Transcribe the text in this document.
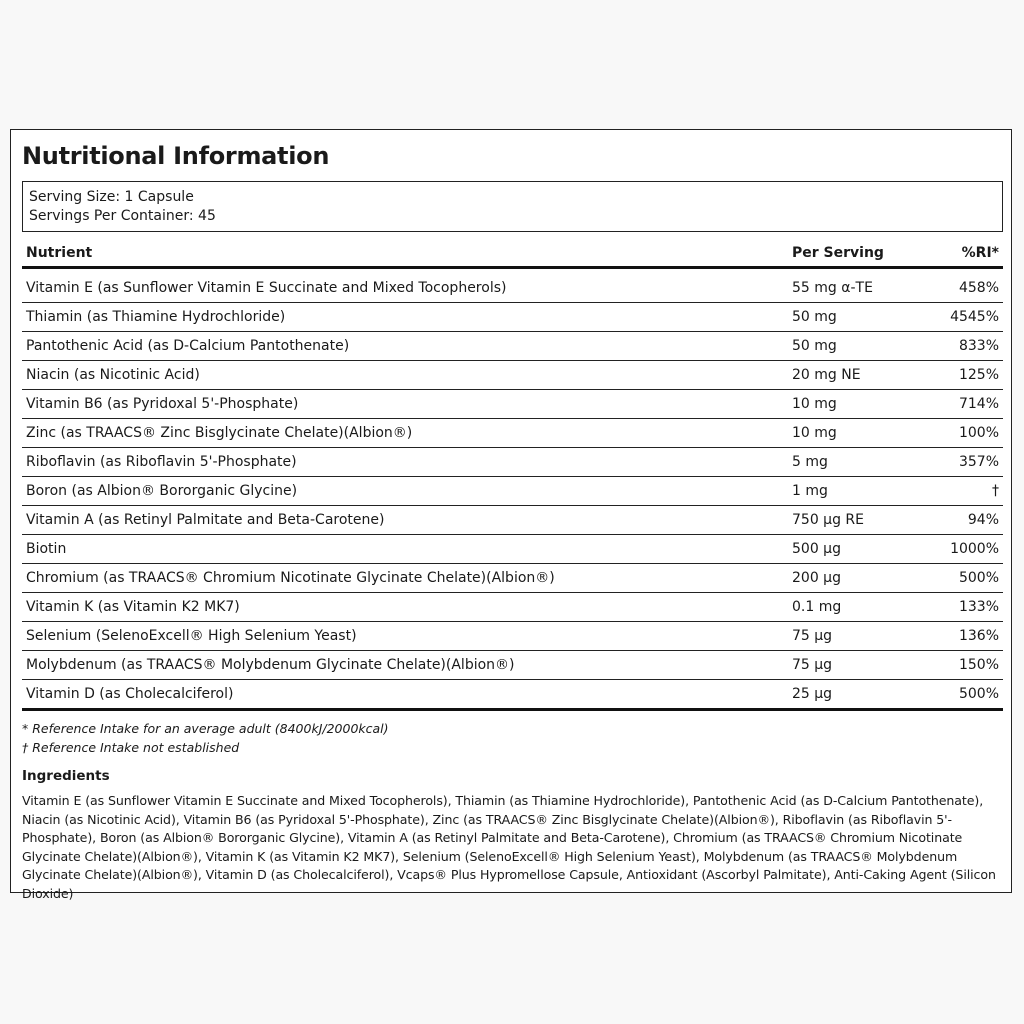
Nutritional Information
Serving Size: 1 Capsule
Servings Per Container: 45
Nutrient	Per Serving	%RI*
Vitamin E (as Sunflower Vitamin E Succinate and Mixed Tocopherols)	55 mg α-TE	458%
Thiamin (as Thiamine Hydrochloride)	50 mg	4545%
Pantothenic Acid (as D-Calcium Pantothenate)	50 mg	833%
Niacin (as Nicotinic Acid)	20 mg NE	125%
Vitamin B6 (as Pyridoxal 5'-Phosphate)	10 mg	714%
Zinc (as TRAACS® Zinc Bisglycinate Chelate)(Albion®)	10 mg	100%
Riboflavin (as Riboflavin 5'-Phosphate)	5 mg	357%
Boron (as Albion® Bororganic Glycine)	1 mg	†
Vitamin A (as Retinyl Palmitate and Beta-Carotene)	750 µg RE	94%
Biotin	500 µg	1000%
Chromium (as TRAACS® Chromium Nicotinate Glycinate Chelate)(Albion®)	200 µg	500%
Vitamin K (as Vitamin K2 MK7)	0.1 mg	133%
Selenium (SelenoExcell® High Selenium Yeast)	75 µg	136%
Molybdenum (as TRAACS® Molybdenum Glycinate Chelate)(Albion®)	75 µg	150%
Vitamin D (as Cholecalciferol)	25 µg	500%
* Reference Intake for an average adult (8400kJ/2000kcal)
† Reference Intake not established
Ingredients
Vitamin E (as Sunflower Vitamin E Succinate and Mixed Tocopherols), Thiamin (as Thiamine Hydrochloride), Pantothenic Acid (as D-Calcium Pantothenate), Niacin (as Nicotinic Acid), Vitamin B6 (as Pyridoxal 5'-Phosphate), Zinc (as TRAACS® Zinc Bisglycinate Chelate)(Albion®), Riboflavin (as Riboflavin 5'-Phosphate), Boron (as Albion® Bororganic Glycine), Vitamin A (as Retinyl Palmitate and Beta-Carotene), Chromium (as TRAACS® Chromium Nicotinate Glycinate Chelate)(Albion®), Vitamin K (as Vitamin K2 MK7), Selenium (SelenoExcell® High Selenium Yeast), Molybdenum (as TRAACS® Molybdenum Glycinate Chelate)(Albion®), Vitamin D (as Cholecalciferol), Vcaps® Plus Hypromellose Capsule, Antioxidant (Ascorbyl Palmitate), Anti-Caking Agent (Silicon Dioxide)
